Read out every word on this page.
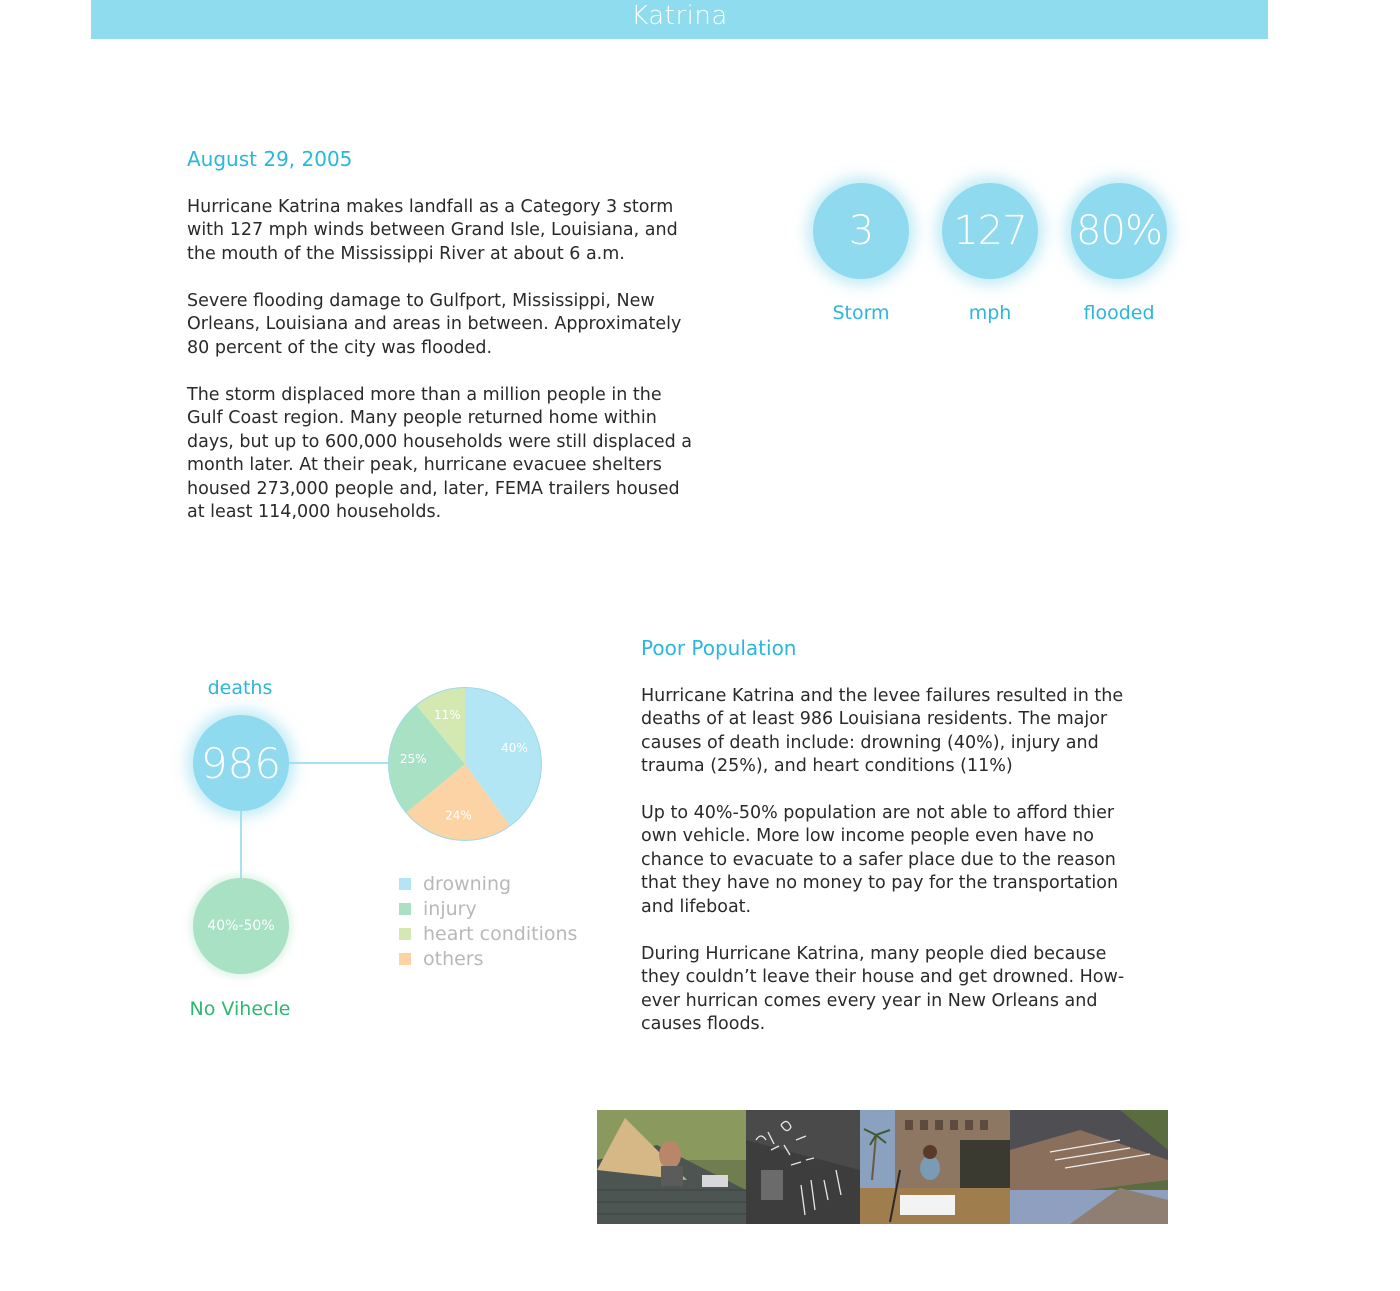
Katrina
August 29, 2005

Hurricane Katrina makes landfall as a Category 3 storm
with 127 mph winds between Grand Isle, Louisiana, and
the mouth of the Mississippi River at about 6 a.m.

Severe flooding damage to Gulfport, Mississippi, New
Orleans, Louisiana and areas in between. Approximately
80 percent of the city was flooded.

The storm displaced more than a million people in the
Gulf Coast region. Many people returned home within
days, but up to 600,000 households were still displaced a
month later. At their peak, hurricane evacuee shelters
housed 273,000 people and, later, FEMA trailers housed
at least 114,000 households.

3
Storm
127
mph
80%
flooded
deaths
986
40%-50%
No Vihecle
40%
24%
25%
11%
drowning
injury
heart conditions
others
Poor Population

Hurricane Katrina and the levee failures resulted in the
deaths of at least 986 Louisiana residents. The major
causes of death include: drowning (40%), injury and
trauma (25%), and heart conditions (11%)

Up to 40%-50% population are not able to afford thier
own vehicle. More low income people even have no
chance to evacuate to a safer place due to the reason
that they have no money to pay for the transportation
and lifeboat.

During Hurricane Katrina, many people died because
they couldn’t leave their house and get drowned. How-
ever hurrican comes every year in New Orleans and
causes floods.
